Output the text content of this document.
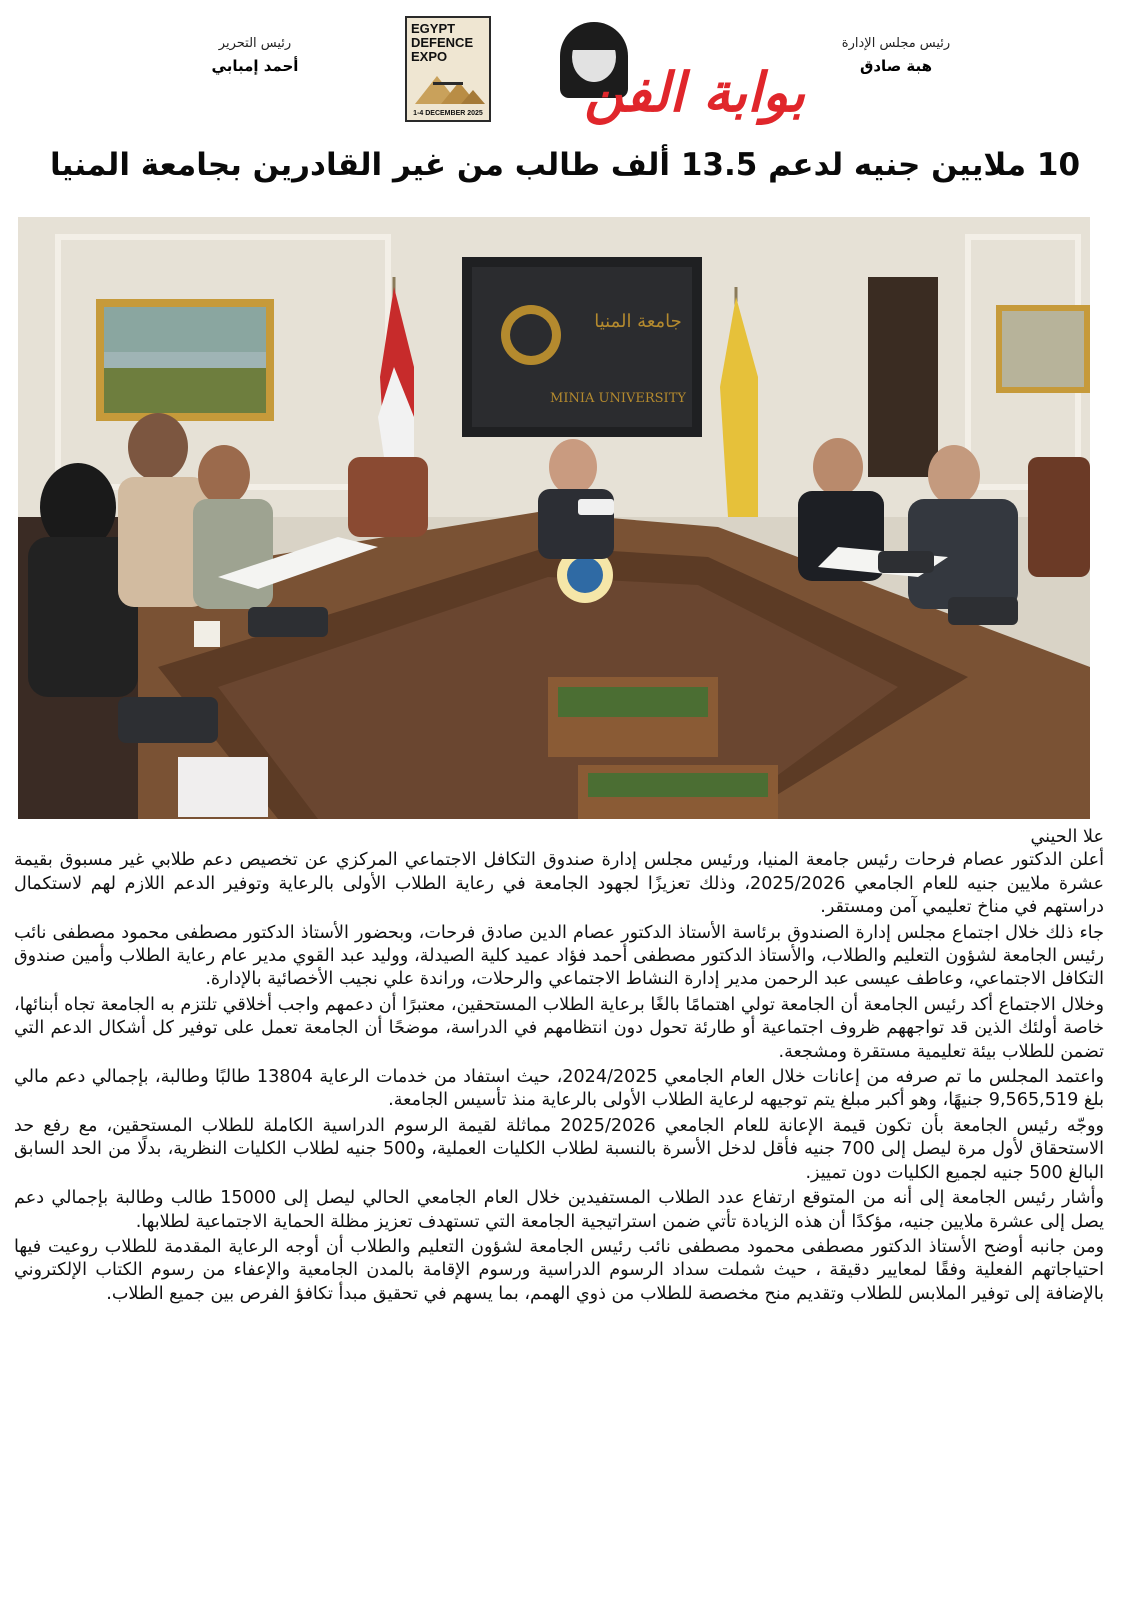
رئيس مجلس الإدارة
هبة صادق
بوابة الفن
EGYPT
DEFENCE
EXPO
1-4 DECEMBER 2025
رئيس التحرير
أحمد إمبابي
10 ملايين جنيه لدعم 13.5 ألف طالب من غير القادرين بجامعة المنيا
جامعة المنيا
MINIA UNIVERSITY
علا الحيني

أعلن الدكتور عصام فرحات رئيس جامعة المنيا، ورئيس مجلس إدارة صندوق التكافل الاجتماعي المركزي عن تخصيص دعم طلابي غير مسبوق بقيمة عشرة ملايين جنيه للعام الجامعي 2025/2026، وذلك تعزيزًا لجهود الجامعة في رعاية الطلاب الأولى بالرعاية وتوفير الدعم اللازم لهم لاستكمال دراستهم في مناخ تعليمي آمن ومستقر.

جاء ذلك خلال اجتماع مجلس إدارة الصندوق برئاسة الأستاذ الدكتور عصام الدين صادق فرحات، وبحضور الأستاذ الدكتور مصطفى محمود مصطفى نائب رئيس الجامعة لشؤون التعليم والطلاب، والأستاذ الدكتور مصطفى أحمد فؤاد عميد كلية الصيدلة، ووليد عبد القوي مدير عام رعاية الطلاب وأمين صندوق التكافل الاجتماعي، وعاطف عيسى عبد الرحمن مدير إدارة النشاط الاجتماعي والرحلات، وراندة علي نجيب الأخصائية بالإدارة.

وخلال الاجتماع أكد رئيس الجامعة أن الجامعة تولي اهتمامًا بالغًا برعاية الطلاب المستحقين، معتبرًا أن دعمهم واجب أخلاقي تلتزم به الجامعة تجاه أبنائها، خاصة أولئك الذين قد تواجههم ظروف اجتماعية أو طارئة تحول دون انتظامهم في الدراسة، موضحًا أن الجامعة تعمل على توفير كل أشكال الدعم التي تضمن للطلاب بيئة تعليمية مستقرة ومشجعة.

واعتمد المجلس ما تم صرفه من إعانات خلال العام الجامعي 2024/2025، حيث استفاد من خدمات الرعاية 13804 طالبًا وطالبة، بإجمالي دعم مالي بلغ 9,565,519 جنيهًا، وهو أكبر مبلغ يتم توجيهه لرعاية الطلاب الأولى بالرعاية منذ تأسيس الجامعة.

ووجّه رئيس الجامعة بأن تكون قيمة الإعانة للعام الجامعي 2025/2026 مماثلة لقيمة الرسوم الدراسية الكاملة للطلاب المستحقين، مع رفع حد الاستحقاق لأول مرة ليصل إلى 700 جنيه فأقل لدخل الأسرة بالنسبة لطلاب الكليات العملية، و500 جنيه لطلاب الكليات النظرية، بدلًا من الحد السابق البالغ 500 جنيه لجميع الكليات دون تمييز.

وأشار رئيس الجامعة إلى أنه من المتوقع ارتفاع عدد الطلاب المستفيدين خلال العام الجامعي الحالي ليصل إلى 15000 طالب وطالبة بإجمالي دعم يصل إلى عشرة ملايين جنيه، مؤكدًا أن هذه الزيادة تأتي ضمن استراتيجية الجامعة التي تستهدف تعزيز مظلة الحماية الاجتماعية لطلابها.

ومن جانبه أوضح الأستاذ الدكتور مصطفى محمود مصطفى نائب رئيس الجامعة لشؤون التعليم والطلاب أن أوجه الرعاية المقدمة للطلاب روعيت فيها احتياجاتهم الفعلية وفقًا لمعايير دقيقة ، حيث شملت سداد الرسوم الدراسية ورسوم الإقامة بالمدن الجامعية والإعفاء من رسوم الكتاب الإلكتروني بالإضافة إلى توفير الملابس للطلاب وتقديم منح مخصصة للطلاب من ذوي الهمم، بما يسهم في تحقيق مبدأ تكافؤ الفرص بين جميع الطلاب.
